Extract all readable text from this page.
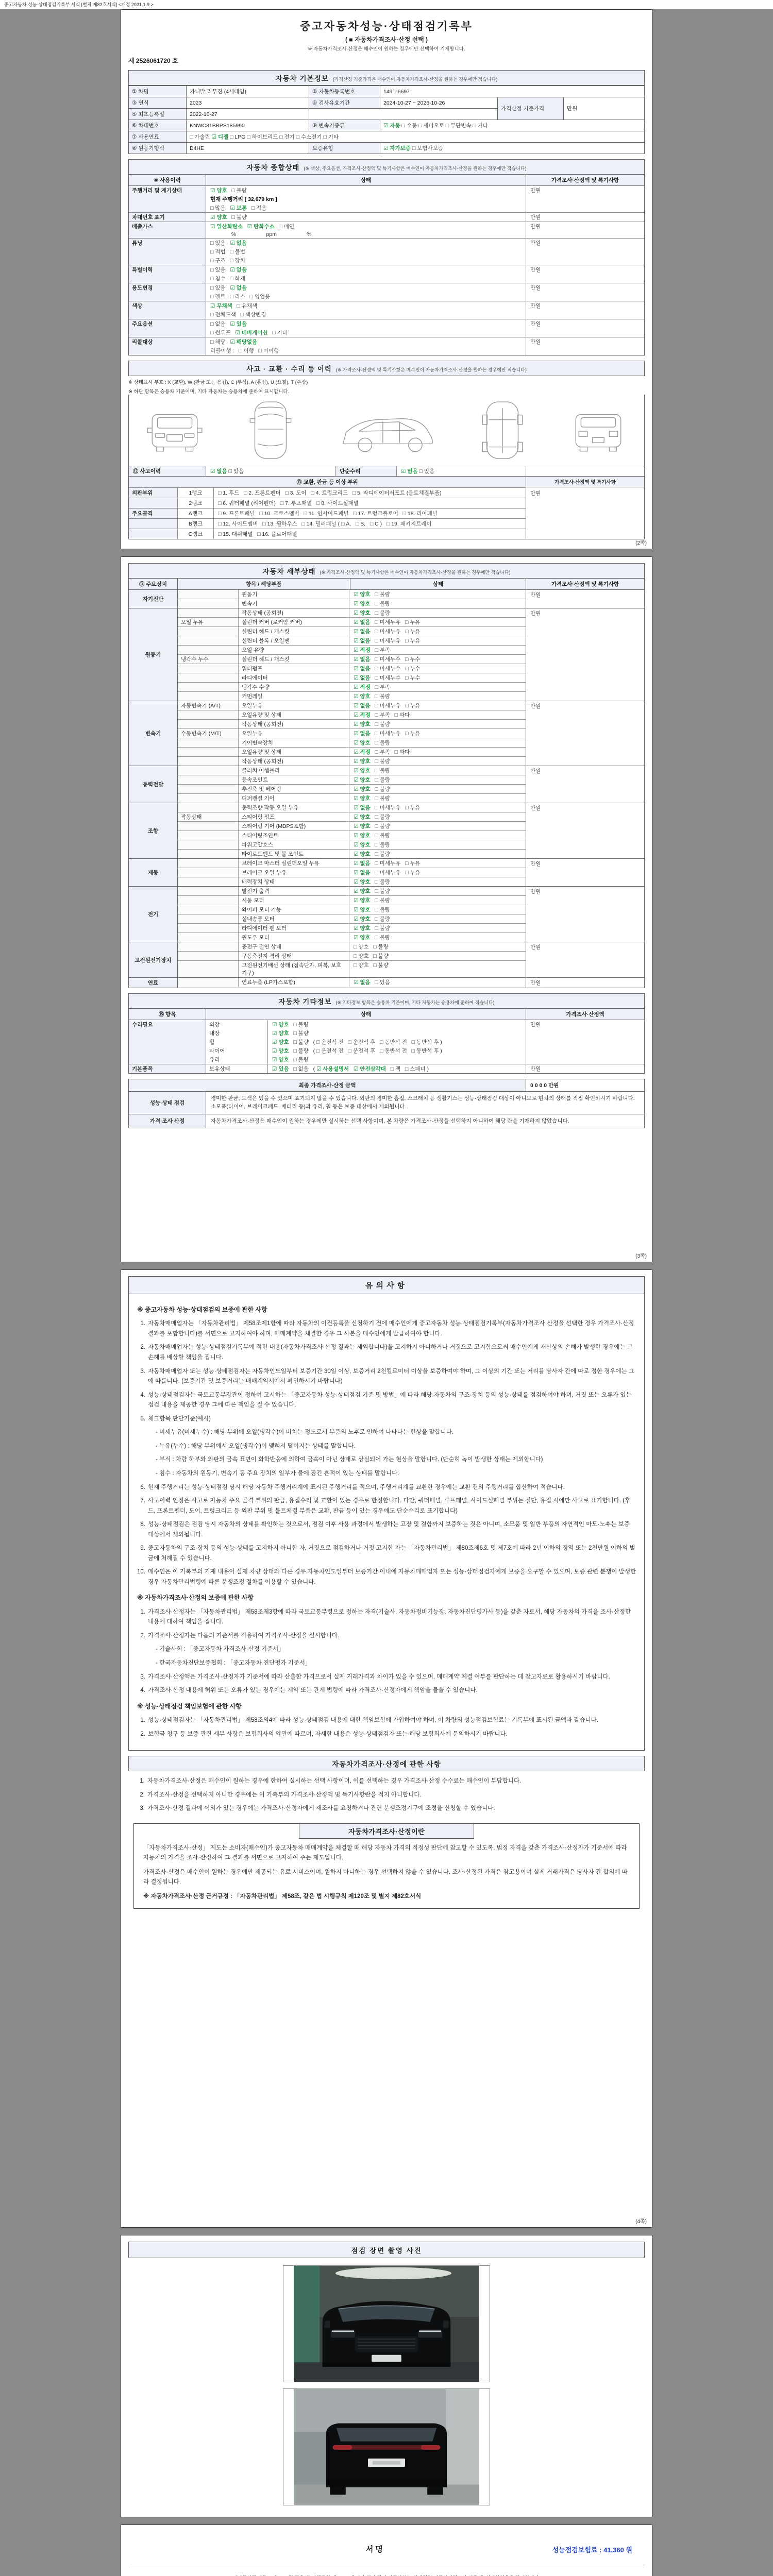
중고자동차 성능·상태점검기록부 서식 [별지 제82호서식] <개정 2021.1.9.>
중고자동차성능·상태점검기록부
( ■ 자동차가격조사·산정 선택 )
※ 자동차가격조사·산정은 매수인이 원하는 경우에만 선택하여 기재합니다.
제 2526061720 호
자동차 기본정보 (가격산정 기준가격은 매수인이 자동차가격조사·산정을 원하는 경우에만 적습니다)
① 차명	카니발 리무진 (4세대임)	② 자동차등록번호	149누6697		
③ 연식	2023	④ 검사유효기간	2024-10-27 ~ 2026-10-26	가격산정 기준가격	만원
⑤ 최초등록일	2022-10-27				
⑥ 차대번호	KNWC81BBPS185990	⑨ 변속기종류	☑ 자동 □ 수동 □ 세미오토 □ 무단변속 □ 기타		
⑦ 사용연료	□ 가솔린 ☑ 디젤 □ LPG □ 하이브리드 □ 전기 □ 수소전기 □ 기타				
⑧ 원동기형식	D4HE	보증유형	☑ 자가보증 □ 보험사보증		
자동차 종합상태 (※ 색상, 주요옵션, 가격조사·산정액 및 특기사항은 매수인이 자동차가격조사·산정을 원하는 경우에만 적습니다)
⑩ 사용이력	상태	가격조사·산정액 및 특기사항
주행거리 및 계기상태	☑ 양호   □ 불량	만원
현재 주행거리 [ 32,679 km ]
□ 많음   ☑ 보통   □ 적음
차대번호 표기	☑ 양호   □ 불량	만원
배출가스	☑ 일산화탄소   ☑ 탄화수소   □ 매연	만원
%                    ppm                    %
튜닝	□ 있음   ☑ 없음	만원
□ 적법   □ 불법
□ 구조   □ 장치
특별이력	□ 있음   ☑ 없음	만원
□ 침수   □ 화재
용도변경	□ 있음   ☑ 없음	만원
□ 렌트   □ 리스   □ 영업용
색상	☑ 무채색   □ 유채색	만원
□ 전체도색   □ 색상변경
주요옵션	□ 없음   ☑ 있음	만원
□ 썬루프   ☑ 네비게이션   □ 기타
리콜대상	□ 해당   ☑ 해당없음	만원
리콜이행 :   □ 이행   □ 미이행
사고 · 교환 · 수리 등 이력 (※ 가격조사·산정액 및 특기사항은 매수인이 자동차가격조사·산정을 원하는 경우에만 적습니다)
※ 상태표시 부호 : X (교환), W (판금 또는 용접), C (부식), A (흠집), U (요철), T (손상)
※ 하단 항목은 승용차 기준이며, 기타 자동차는 승용차에 준하여 표시합니다.
⑫ 사고이력	☑ 없음 □ 있음	단순수리	☑ 없음 □ 있음
⑬ 교환, 판금 등 이상 부위
외판부위	1랭크	□ 1. 후드   □ 2. 프론트펜더   □ 3. 도어   □ 4. 트렁크리드   □ 5. 라디에이터서포트 (볼트체결부품)
2랭크	□ 6. 쿼터패널 (리어펜더)   □ 7. 루프패널   □ 8. 사이드실패널
주요골격	A랭크	□ 9. 프론트패널   □ 10. 크로스멤버   □ 11. 인사이드패널   □ 17. 트렁크플로어   □ 18. 리어패널
B랭크	□ 12. 사이드멤버   □ 13. 휠하우스   □ 14. 필러패널 ( □ A,   □ B,   □ C )   □ 19. 패키지트레이
C랭크	□ 15. 대쉬패널   □ 16. 플로어패널
가격조사·산정액 및 특기사항
만원
(2쪽)
자동차 세부상태 (※ 가격조사·산정액 및 특기사항은 매수인이 자동차가격조사·산정을 원하는 경우에만 적습니다)
⑭ 주요장치	항목 / 해당부품	상태	가격조사·산정액 및 특기사항
자기진단
원동기	☑ 양호   □ 불량
변속기	☑ 양호   □ 불량
만원
원동기
작동상태 (공회전)	☑ 양호   □ 불량
오일 누유	실린더 커버 (로커암 커버)	☑ 없음   □ 미세누유   □ 누유
실린더 헤드 / 개스킷	☑ 없음   □ 미세누유   □ 누유
실린더 블록 / 오일팬	☑ 없음   □ 미세누유   □ 누유
오일 유량	☑ 적정   □ 부족
냉각수 누수	실린더 헤드 / 개스킷	☑ 없음   □ 미세누수   □ 누수
워터펌프	☑ 없음   □ 미세누수   □ 누수
라디에이터	☑ 없음   □ 미세누수   □ 누수
냉각수 수량	☑ 적정   □ 부족
커먼레일	☑ 양호   □ 불량
만원
변속기
자동변속기 (A/T)	오일누유	☑ 없음   □ 미세누유   □ 누유
오일유량 및 상태	☑ 적정   □ 부족   □ 과다
작동상태 (공회전)	☑ 양호   □ 불량
수동변속기 (M/T)	오일누유	☑ 없음   □ 미세누유   □ 누유
기어변속장치	☑ 양호   □ 불량
오일유량 및 상태	☑ 적정   □ 부족   □ 과다
작동상태 (공회전)	☑ 양호   □ 불량
만원
동력전달
클러치 어셈블리	☑ 양호   □ 불량
등속조인트	☑ 양호   □ 불량
추진축 및 베어링	☑ 양호   □ 불량
디퍼렌셜 기어	☑ 양호   □ 불량
만원
조향
동력조향 작동 오일 누유	☑ 없음   □ 미세누유   □ 누유
작동상태	스티어링 펌프	☑ 양호   □ 불량
스티어링 기어 (MDPS포함)	☑ 양호   □ 불량
스티어링조인트	☑ 양호   □ 불량
파워고압호스	☑ 양호   □ 불량
타이로드엔드 및 볼 조인트	☑ 양호   □ 불량
만원
제동
브레이크 마스터 실린더오일 누유	☑ 없음   □ 미세누유   □ 누유
브레이크 오일 누유	☑ 없음   □ 미세누유   □ 누유
배력장치 상태	☑ 양호   □ 불량
만원
전기
발전기 출력	☑ 양호   □ 불량
시동 모터	☑ 양호   □ 불량
와이퍼 모터 기능	☑ 양호   □ 불량
실내송풍 모터	☑ 양호   □ 불량
라디에이터 팬 모터	☑ 양호   □ 불량
윈도우 모터	☑ 양호   □ 불량
만원
고전원전기장치
충전구 절연 상태	□ 양호   □ 불량
구동축전지 격리 상태	□ 양호   □ 불량
고전원전기배선 상태 (접속단자, 피복, 보호기구)
□ 양호   □ 불량
만원
연료	연료누출 (LP가스포함)	☑ 없음   □ 있음	만원
자동차 기타정보 (※ 기타정보 항목은 승용차 기준이며, 기타 자동차는 승용차에 준하여 적습니다)
⑮ 항목	상태	가격조사·산정액
수리필요	외장	☑ 양호   □ 불량	만원
내장	☑ 양호   □ 불량
휠	☑ 양호   □ 불량   ( □ 운전석 전   □ 운전석 후   □ 동반석 전   □ 동반석 후 )
타이어	☑ 양호   □ 불량   ( □ 운전석 전   □ 운전석 후   □ 동반석 전   □ 동반석 후 )
유리	☑ 양호   □ 불량
기본품목	보유상태	☑ 있음   □ 없음   ( ☑ 사용설명서   ☑ 안전삼각대   □ 잭   □ 스패너 )	만원
최종 가격조사·산정 금액	0 0 0 0 만원
성능·상태 점검
경미한 판금, 도색은 있을 수 있으며 표기되지 않을 수 있습니다. 외판의 경미한 흠집, 스크래치 등 생활기스는 성능·상태점검 대상이 아니므로 현차의 상태를 직접 확인하시기 바랍니다. 소모품(타이어, 브레이크패드, 배터리 등)과 유리, 휠 등은 보증 대상에서 제외됩니다.
가격·조사 산정	자동차가격조사·산정은 매수인이 원하는 경우에만 실시하는 선택 사항이며, 본 차량은 가격조사·산정을 선택하지 아니하여 해당 란을 기재하지 않았습니다.
(3쪽)
유의사항
※ 중고자동차 성능·상태점검의 보증에 관한 사항
1. 자동차매매업자는 「자동차관리법」 제58조제1항에 따라 자동차의 이전등록을 신청하기 전에 매수인에게 중고자동차 성능·상태점검기록부(자동차가격조사·산정을 선택한 경우 가격조사·산정 결과를 포함합니다)를 서면으로 고지하여야 하며, 매매계약을 체결한 경우 그 사본을 매수인에게 발급하여야 합니다.
2. 자동차매매업자는 성능·상태점검기록부에 적힌 내용(자동차가격조사·산정 결과는 제외합니다)을 고지하지 아니하거나 거짓으로 고지함으로써 매수인에게 재산상의 손해가 발생한 경우에는 그 손해를 배상할 책임을 집니다.
3. 자동차매매업자 또는 성능·상태점검자는 자동차인도일부터 보증기간 30일 이상, 보증거리 2천킬로미터 이상을 보증하여야 하며, 그 이상의 기간 또는 거리를 당사자 간에 따로 정한 경우에는 그에 따릅니다. (보증기간 및 보증거리는 매매계약서에서 확인하시기 바랍니다)
4. 성능·상태점검자는 국토교통부장관이 정하여 고시하는 「중고자동차 성능·상태점검 기준 및 방법」에 따라 해당 자동차의 구조·장치 등의 성능·상태를 점검하여야 하며, 거짓 또는 오류가 있는 점검 내용을 제공한 경우 그에 따른 책임을 질 수 있습니다.
5. 체크항목 판단기준(예시)
- 미세누유(미세누수) : 해당 부위에 오일(냉각수)이 비치는 정도로서 부품의 노후로 인하여 나타나는 현상을 말합니다.
- 누유(누수) : 해당 부위에서 오일(냉각수)이 맺혀서 떨어지는 상태를 말합니다.
- 부식 : 차량 하부와 외판의 금속 표면이 화학반응에 의하여 금속이 아닌 상태로 상실되어 가는 현상을 말합니다. (단순히 녹이 발생한 상태는 제외합니다)
- 침수 : 자동차의 원동기, 변속기 등 주요 장치의 일부가 물에 잠긴 흔적이 있는 상태를 말합니다.
6. 현재 주행거리는 성능·상태점검 당시 해당 자동차 주행거리계에 표시된 주행거리를 적으며, 주행거리계를 교환한 경우에는 교환 전의 주행거리를 합산하여 적습니다.
7. 사고이력 인정은 사고로 자동차 주요 골격 부위의 판금, 용접수리 및 교환이 있는 경우로 한정합니다. 다만, 쿼터패널, 루프패널, 사이드실패널 부위는 절단, 용접 시에만 사고로 표기합니다. (후드, 프론트펜더, 도어, 트렁크리드 등 외판 부위 및 볼트체결 부품은 교환, 판금 등이 있는 경우에도 단순수리로 표기합니다)
8. 성능·상태점검은 점검 당시 자동차의 상태를 확인하는 것으로서, 점검 이후 사용 과정에서 발생하는 고장 및 결함까지 보증하는 것은 아니며, 소모품 및 일반 부품의 자연적인 마모·노후는 보증 대상에서 제외됩니다.
9. 중고자동차의 구조·장치 등의 성능·상태를 고지하지 아니한 자, 거짓으로 점검하거나 거짓 고지한 자는 「자동차관리법」 제80조제6호 및 제7호에 따라 2년 이하의 징역 또는 2천만원 이하의 벌금에 처해질 수 있습니다.
10. 매수인은 이 기록부의 기재 내용이 실제 차량 상태와 다른 경우 자동차인도일부터 보증기간 이내에 자동차매매업자 또는 성능·상태점검자에게 보증을 요구할 수 있으며, 보증 관련 분쟁이 발생한 경우 자동차관리법령에 따른 분쟁조정 절차를 이용할 수 있습니다.
※ 자동차가격조사·산정의 보증에 관한 사항
1. 가격조사·산정자는 「자동차관리법」 제58조제3항에 따라 국토교통부령으로 정하는 자격(기술사, 자동차정비기능장, 자동차진단평가사 등)을 갖춘 자로서, 해당 자동차의 가격을 조사·산정한 내용에 대하여 책임을 집니다.
2. 가격조사·산정자는 다음의 기준서를 적용하여 가격조사·산정을 실시합니다.
- 기술사회 : 「중고자동차 가격조사·산정 기준서」
- 한국자동차진단보증협회 : 「중고자동차 진단평가 기준서」
3. 가격조사·산정액은 가격조사·산정자가 기준서에 따라 산출한 가격으로서 실제 거래가격과 차이가 있을 수 있으며, 매매계약 체결 여부를 판단하는 데 참고자료로 활용하시기 바랍니다.
4. 가격조사·산정 내용에 허위 또는 오류가 있는 경우에는 계약 또는 관계 법령에 따라 가격조사·산정자에게 책임을 물을 수 있습니다.
※ 성능·상태점검 책임보험에 관한 사항
1. 성능·상태점검자는 「자동차관리법」 제58조의4에 따라 성능·상태점검 내용에 대한 책임보험에 가입하여야 하며, 이 차량의 성능점검보험료는 기록부에 표시된 금액과 같습니다.
2. 보험금 청구 등 보증 관련 세부 사항은 보험회사의 약관에 따르며, 자세한 내용은 성능·상태점검자 또는 해당 보험회사에 문의하시기 바랍니다.
자동차가격조사·산정에 관한 사항
1. 자동차가격조사·산정은 매수인이 원하는 경우에 한하여 실시하는 선택 사항이며, 이를 선택하는 경우 가격조사·산정 수수료는 매수인이 부담합니다.
2. 가격조사·산정을 선택하지 아니한 경우에는 이 기록부의 가격조사·산정액 및 특기사항란을 적지 아니합니다.
3. 가격조사·산정 결과에 이의가 있는 경우에는 가격조사·산정자에게 재조사를 요청하거나 관련 분쟁조정기구에 조정을 신청할 수 있습니다.
자동차가격조사·산정이란

「자동차가격조사·산정」 제도는 소비자(매수인)가 중고자동차 매매계약을 체결할 때 해당 자동차 가격의 적정성 판단에 참고할 수 있도록, 법정 자격을 갖춘 가격조사·산정자가 기준서에 따라 자동차의 가격을 조사·산정하여 그 결과를 서면으로 고지하여 주는 제도입니다.

가격조사·산정은 매수인이 원하는 경우에만 제공되는 유료 서비스이며, 원하지 아니하는 경우 선택하지 않을 수 있습니다. 조사·산정된 가격은 참고용이며 실제 거래가격은 당사자 간 합의에 따라 결정됩니다.

※ 자동차가격조사·산정 근거규정 : 「자동차관리법」 제58조, 같은 법 시행규칙 제120조 및 별지 제82호서식

(4쪽)
점검 장면 촬영 사진
서명	성능점검보험료 : 41,360 원
